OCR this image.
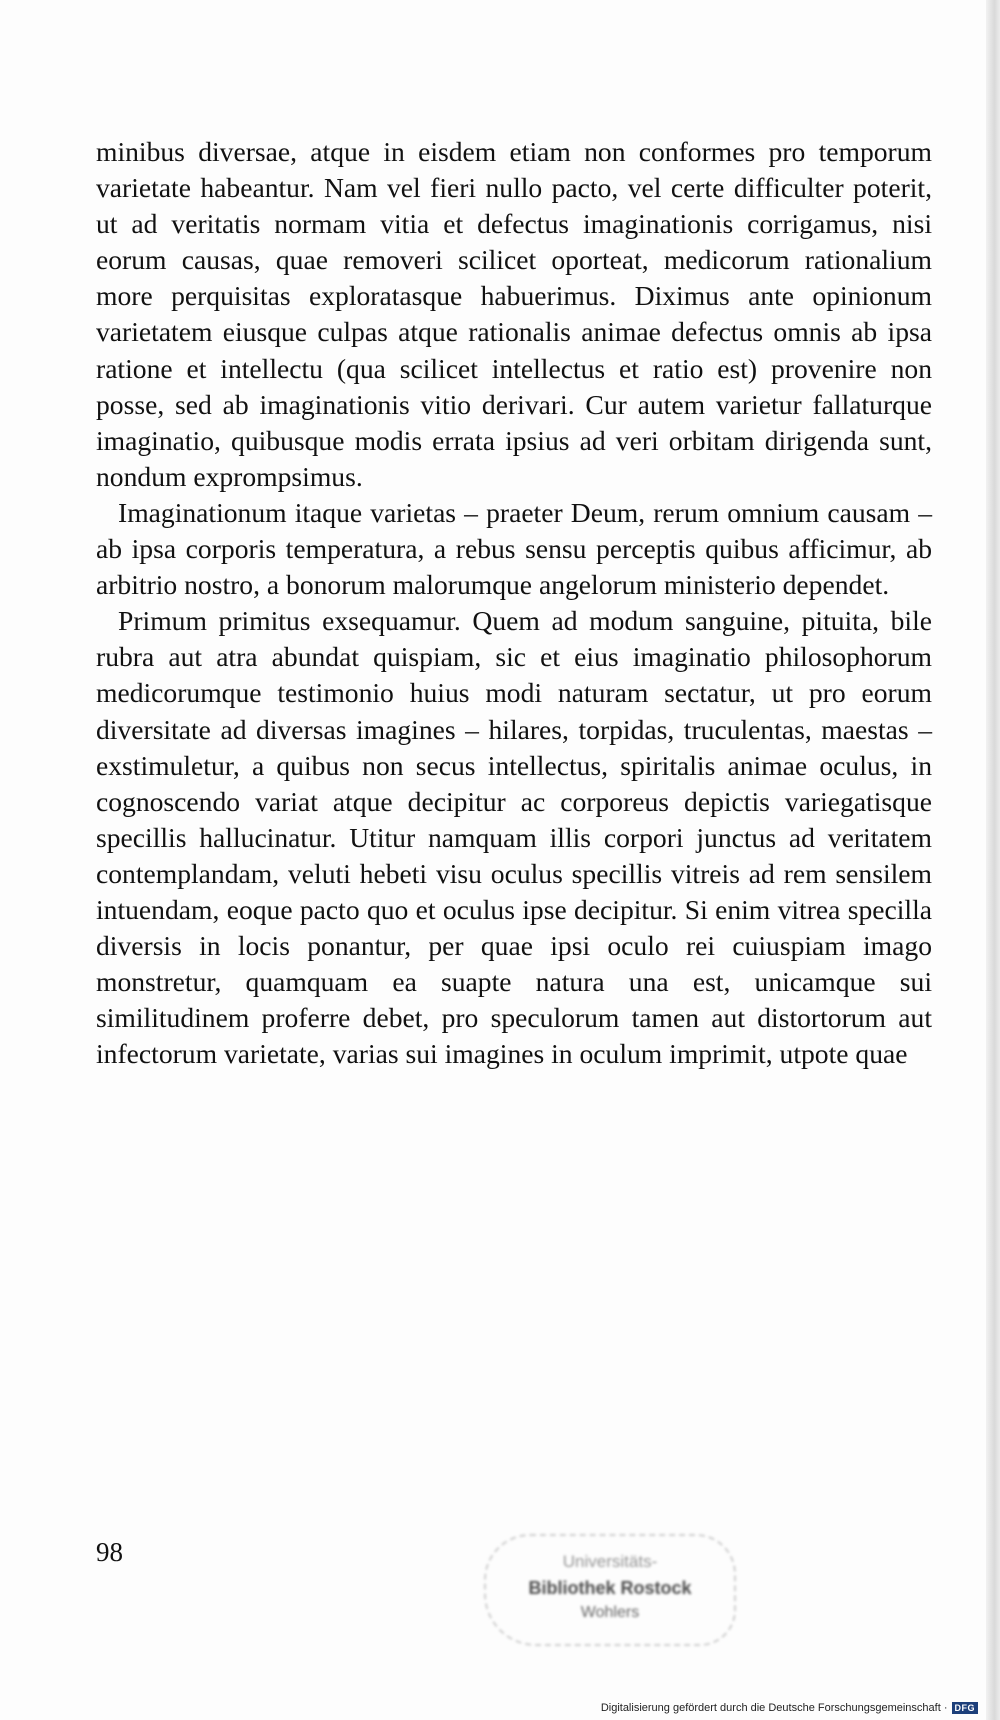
minibus diversae, atque in eisdem etiam non conformes pro temporum varietate habeantur. Nam vel fieri nullo pacto, vel certe difficulter poterit, ut ad veritatis normam vitia et defectus imaginationis corrigamus, nisi eorum causas, quae removeri scilicet oporteat, medicorum rationalium more perquisitas exploratasque habuerimus. Diximus ante opinionum varietatem eiusque culpas atque rationalis animae defectus omnis ab ipsa ratione et intellectu (qua scilicet intellectus et ratio est) provenire non posse, sed ab imaginationis vitio derivari. Cur autem varietur fallaturque imaginatio, quibusque modis errata ipsius ad veri orbitam dirigenda sunt, nondum exprompsimus.

Imaginationum itaque varietas – praeter Deum, rerum omnium causam – ab ipsa corporis temperatura, a rebus sensu perceptis quibus afficimur, ab arbitrio nostro, a bonorum malorumque angelorum ministerio dependet.

Primum primitus exsequamur. Quem ad modum sanguine, pituita, bile rubra aut atra abundat quispiam, sic et eius imaginatio philosophorum medicorumque testimonio huius modi naturam sectatur, ut pro eorum diversitate ad diversas imagines – hilares, torpidas, truculentas, maestas – exstimuletur, a quibus non secus intellectus, spiritalis animae oculus, in cognoscendo variat atque decipitur ac corporeus depictis variegatisque specillis hallucinatur. Utitur namquam illis corpori junctus ad veritatem contemplandam, veluti hebeti visu oculus specillis vitreis ad rem sensilem intuendam, eoque pacto quo et oculus ipse decipitur. Si enim vitrea specilla diversis in locis ponantur, per quae ipsi oculo rei cuiuspiam imago monstretur, quamquam ea suapte natura una est, unicamque sui similitudinem proferre debet, pro speculorum tamen aut distortorum aut infectorum varietate, varias sui imagines in oculum imprimit, utpote quae

98	Universitäts-
Bibliothek Rostock
Wohlers
Digitalisierung gefördert durch die Deutsche Forschungsgemeinschaft · DFG
